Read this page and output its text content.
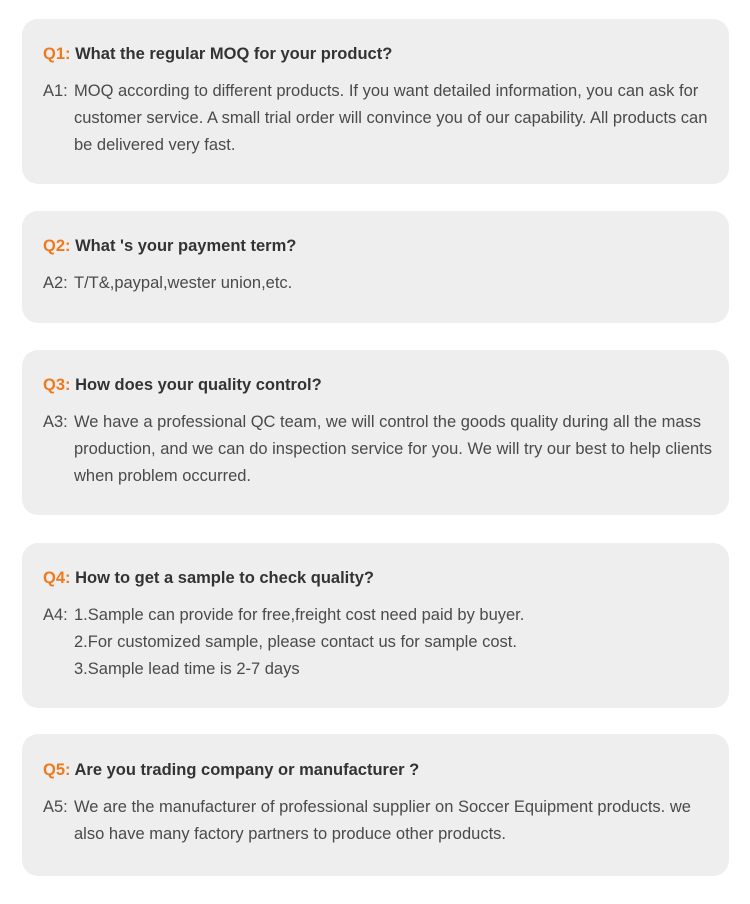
Q1: What the regular MOQ for your product?
A1: MOQ according to different products. If you want detailed information, you can ask for
customer service. A small trial order will convince you of our capability. All products can
be delivered very fast.
Q2: What 's your payment term?
A2: T/T&,paypal,wester union,etc.
Q3: How does your quality control?
A3: We have a professional QC team, we will control the goods quality during all the mass
production, and we can do inspection service for you. We will try our best to help clients
when problem occurred.
Q4: How to get a sample to check quality?
A4: 1.Sample can provide for free,freight cost need paid by buyer.
2.For customized sample, please contact us for sample cost.
3.Sample lead time is 2-7 days
Q5: Are you trading company or manufacturer ?
A5: We are the manufacturer of professional supplier on Soccer Equipment products. we
also have many factory partners to produce other products.
